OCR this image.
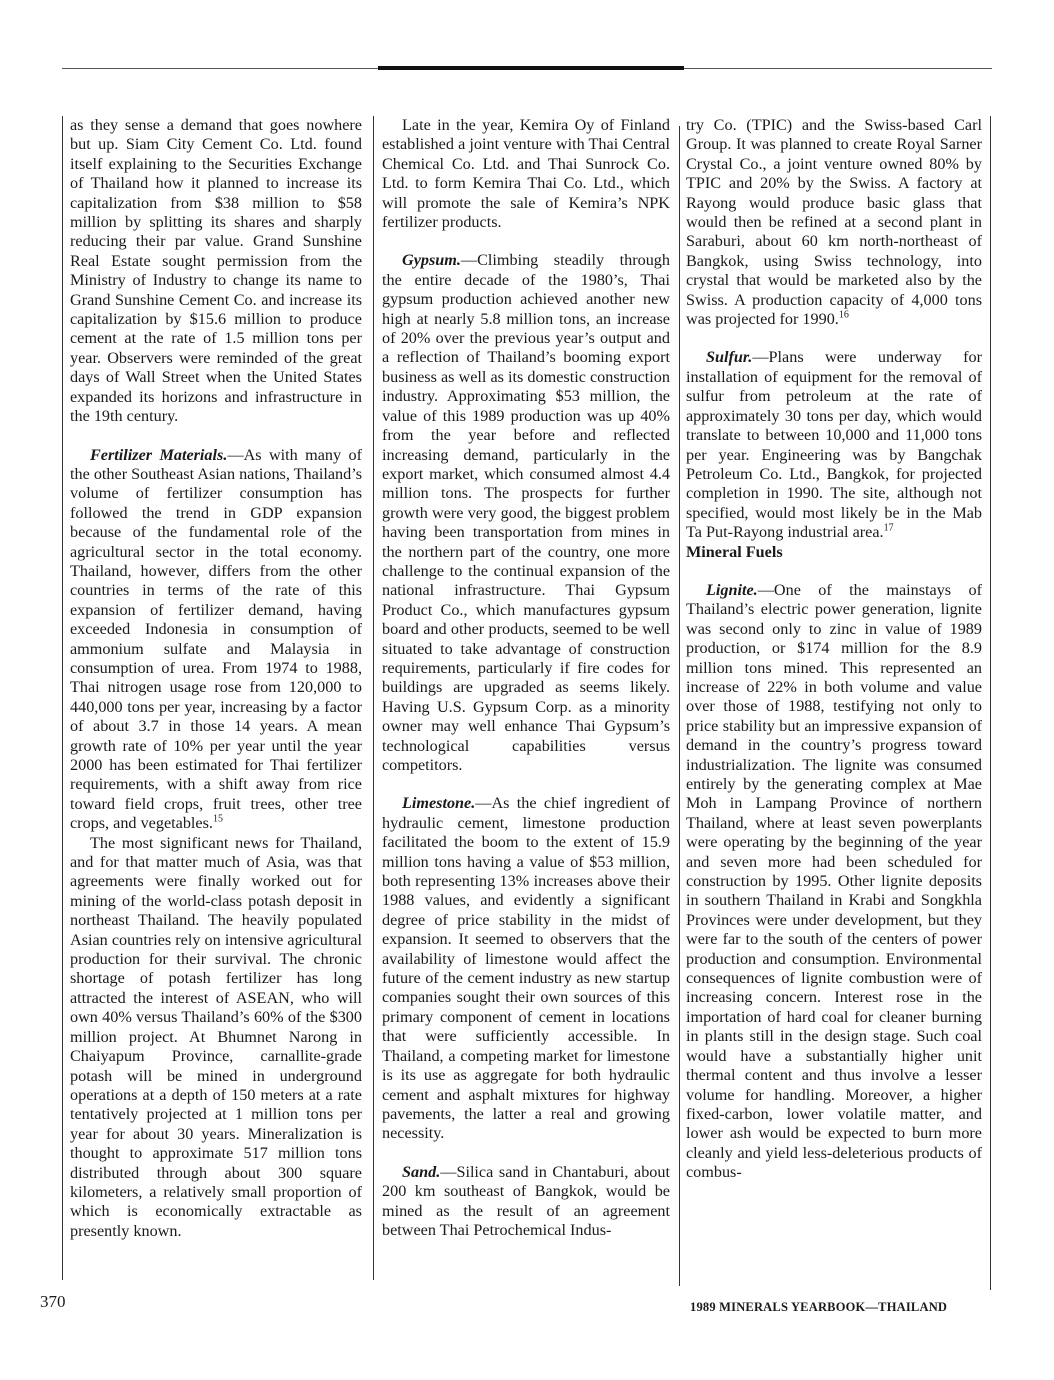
as they sense a demand that goes nowhere but up. Siam City Cement Co. Ltd. found itself explaining to the Securities Exchange of Thailand how it planned to increase its capitalization from $38 million to $58 million by splitting its shares and sharply reducing their par value. Grand Sunshine Real Estate sought permission from the Ministry of Industry to change its name to Grand Sunshine Cement Co. and increase its capitalization by $15.6 million to produce cement at the rate of 1.5 million tons per year. Observers were reminded of the great days of Wall Street when the United States expanded its horizons and infrastructure in the 19th century.

Fertilizer Materials.—As with many of the other Southeast Asian nations, Thailand’s volume of fertilizer consumption has followed the trend in GDP expansion because of the fundamental role of the agricultural sector in the total economy. Thailand, however, differs from the other countries in terms of the rate of this expansion of fertilizer demand, having exceeded Indonesia in consumption of ammonium sulfate and Malaysia in consumption of urea. From 1974 to 1988, Thai nitrogen usage rose from 120,000 to 440,000 tons per year, increasing by a factor of about 3.7 in those 14 years. A mean growth rate of 10% per year until the year 2000 has been estimated for Thai fertilizer requirements, with a shift away from rice toward field crops, fruit trees, other tree crops, and vegetables.$^{15}$

The most significant news for Thailand, and for that matter much of Asia, was that agreements were finally worked out for mining of the world-class potash deposit in northeast Thailand. The heavily populated Asian countries rely on intensive agricultural production for their survival. The chronic shortage of potash fertilizer has long attracted the interest of ASEAN, who will own 40% versus Thailand’s 60% of the $300 million project. At Bhumnet Narong in Chaiyapum Province, carnallite-grade potash will be mined in underground operations at a depth of 150 meters at a rate tentatively projected at 1 million tons per year for about 30 years. Mineralization is thought to approximate 517 million tons distributed through about 300 square kilometers, a relatively small proportion of which is economically extractable as presently known.

Late in the year, Kemira Oy of Finland established a joint venture with Thai Central Chemical Co. Ltd. and Thai Sunrock Co. Ltd. to form Kemira Thai Co. Ltd., which will promote the sale of Kemira’s NPK fertilizer products.

Gypsum.—Climbing steadily through the entire decade of the 1980’s, Thai gypsum production achieved another new high at nearly 5.8 million tons, an increase of 20% over the previous year’s output and a reflection of Thailand’s booming export business as well as its domestic construction industry. Approximating $53 million, the value of this 1989 production was up 40% from the year before and reflected increasing demand, particularly in the export market, which consumed almost 4.4 million tons. The prospects for further growth were very good, the biggest problem having been transportation from mines in the northern part of the country, one more challenge to the continual expansion of the national infrastructure. Thai Gypsum Product Co., which manufactures gypsum board and other products, seemed to be well situated to take advantage of construction requirements, particularly if fire codes for buildings are upgraded as seems likely. Having U.S. Gypsum Corp. as a minority owner may well enhance Thai Gypsum’s technological capabilities versus competitors.

Limestone.—As the chief ingredient of hydraulic cement, limestone production facilitated the boom to the extent of 15.9 million tons having a value of $53 million, both representing 13% increases above their 1988 values, and evidently a significant degree of price stability in the midst of expansion. It seemed to observers that the availability of limestone would affect the future of the cement industry as new startup companies sought their own sources of this primary component of cement in locations that were sufficiently accessible. In Thailand, a competing market for limestone is its use as aggregate for both hydraulic cement and asphalt mixtures for highway pavements, the latter a real and growing necessity.

Sand.—Silica sand in Chantaburi, about 200 km southeast of Bangkok, would be mined as the result of an agreement between Thai Petrochemical Indus-

try Co. (TPIC) and the Swiss-based Carl Group. It was planned to create Royal Sarner Crystal Co., a joint venture owned 80% by TPIC and 20% by the Swiss. A factory at Rayong would produce basic glass that would then be refined at a second plant in Saraburi, about 60 km north-northeast of Bangkok, using Swiss technology, into crystal that would be marketed also by the Swiss. A production capacity of 4,000 tons was projected for 1990.16

Sulfur.—Plans were underway for installation of equipment for the removal of sulfur from petroleum at the rate of approximately 30 tons per day, which would translate to between 10,000 and 11,000 tons per year. Engineering was by Bangchak Petroleum Co. Ltd., Bangkok, for projected completion in 1990. The site, although not specified, would most likely be in the Mab Ta Put-Rayong industrial area.$^{17}$

Mineral Fuels

Lignite.—One of the mainstays of Thailand’s electric power generation, lignite was second only to zinc in value of 1989 production, or $174 million for the 8.9 million tons mined. This represented an increase of 22% in both volume and value over those of 1988, testifying not only to price stability but an impressive expansion of demand in the country’s progress toward industrialization. The lignite was consumed entirely by the generating complex at Mae Moh in Lampang Province of northern Thailand, where at least seven powerplants were operating by the beginning of the year and seven more had been scheduled for construction by 1995. Other lignite deposits in southern Thailand in Krabi and Songkhla Provinces were under development, but they were far to the south of the centers of power production and consumption. Environmental consequences of lignite combustion were of increasing concern. Interest rose in the importation of hard coal for cleaner burning in plants still in the design stage. Such coal would have a substantially higher unit thermal content and thus involve a lesser volume for handling. Moreover, a higher fixed-carbon, lower volatile matter, and lower ash would be expected to burn more cleanly and yield less-deleterious products of combus-

370	1989 MINERALS YEARBOOK—THAILAND
